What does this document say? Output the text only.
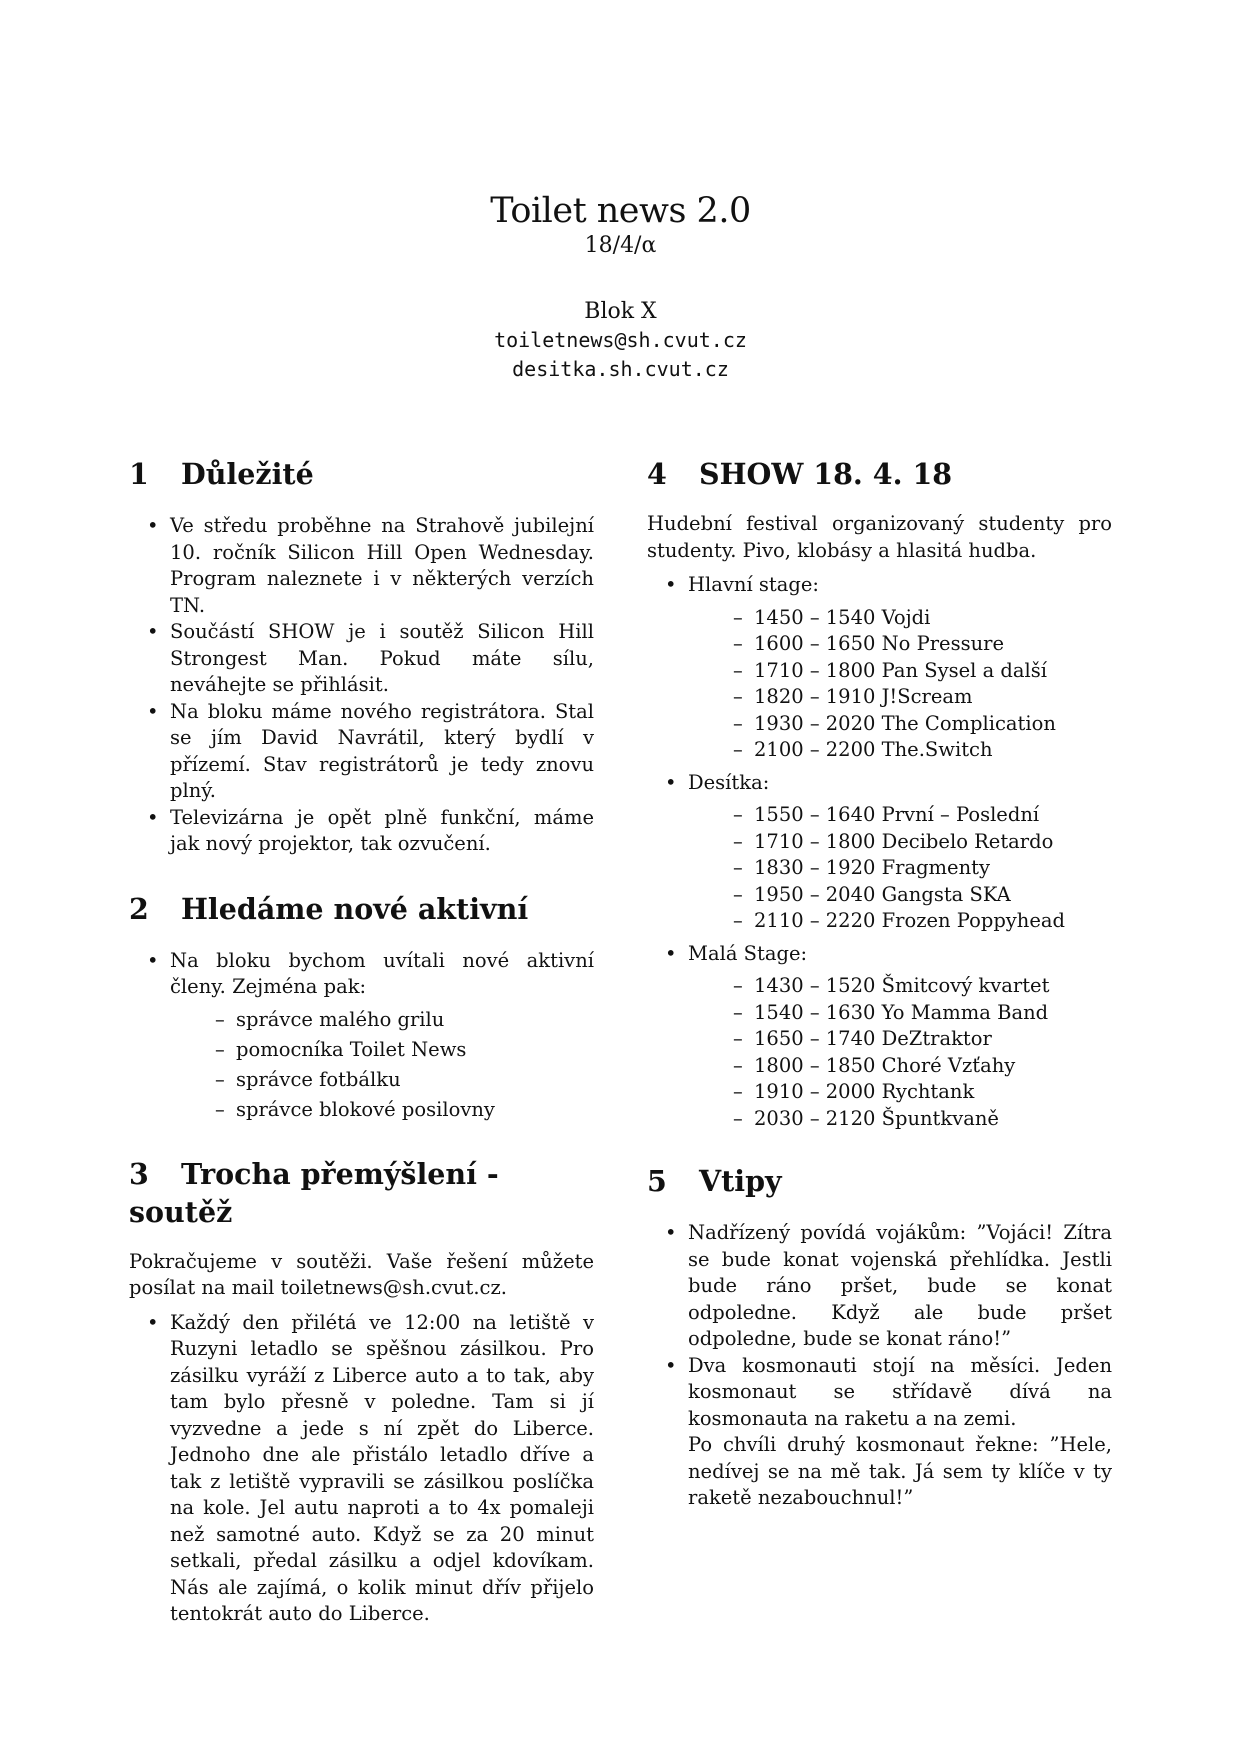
Toilet news 2.0
18/4/α
Blok X
toiletnews@sh.cvut.cz
desitka.sh.cvut.cz
1 Důležité
• Ve středu proběhne na Strahově jubilejní 10. ročník Silicon Hill Open Wednesday. Program naleznete i v některých verzích TN.
• Součástí SHOW je i soutěž Silicon Hill Strongest Man. Pokud máte sílu, neváhejte se přihlásit.
• Na bloku máme nového registrátora. Stal se jím David Navrátil, který bydlí v přízemí. Stav registrátorů je tedy znovu plný.
• Televizárna je opět plně funkční, máme jak nový projektor, tak ozvučení.
2 Hledáme nové aktivní
• Na bloku bychom uvítali nové aktivní členy. Zejména pak:
– správce malého grilu
– pomocníka Toilet News
– správce fotbálku
– správce blokové posilovny
3 Trocha přemýšlení - soutěž

Pokračujeme v soutěži. Vaše řešení můžete posílat na mail toiletnews@sh.cvut.cz.

• Každý den přilétá ve 12:00 na letiště v Ruzyni letadlo se spěšnou zásilkou. Pro zásilku vyráží z Liberce auto a to tak, aby tam bylo přesně v poledne. Tam si jí vyzvedne a jede s ní zpět do Liberce. Jednoho dne ale přistálo letadlo dříve a tak z letiště vypravili se zásilkou poslíčka na kole. Jel autu naproti a to 4x pomaleji než samotné auto. Když se za 20 minut setkali, předal zásilku a odjel kdovíkam. Nás ale zajímá, o kolik minut dřív přijelo tentokrát auto do Liberce.
4 SHOW 18. 4. 18

Hudební festival organizovaný studenty pro studenty. Pivo, klobásy a hlasitá hudba.

• Hlavní stage:
– 1450 – 1540 Vojdi
– 1600 – 1650 No Pressure
– 1710 – 1800 Pan Sysel a další
– 1820 – 1910 J!Scream
– 1930 – 2020 The Complication
– 2100 – 2200 The.Switch
• Desítka:
– 1550 – 1640 První – Poslední
– 1710 – 1800 Decibelo Retardo
– 1830 – 1920 Fragmenty
– 1950 – 2040 Gangsta SKA
– 2110 – 2220 Frozen Poppyhead
• Malá Stage:
– 1430 – 1520 Šmitcový kvartet
– 1540 – 1630 Yo Mamma Band
– 1650 – 1740 DeZtraktor
– 1800 – 1850 Choré Vzťahy
– 1910 – 2000 Rychtank
– 2030 – 2120 Špuntkvaně
5 Vtipy
• Nadřízený povídá vojákům: ”Vojáci! Zítra se bude konat vojenská přehlídka. Jestli bude ráno pršet, bude se konat odpoledne. Když ale bude pršet odpoledne, bude se konat ráno!”
• Dva kosmonauti stojí na měsíci. Jeden kosmonaut se střídavě dívá na kosmonauta na raketu a na zemi.
Po chvíli druhý kosmonaut řekne: ”Hele, nedívej se na mě tak. Já sem ty klíče v ty raketě nezabouchnul!”
